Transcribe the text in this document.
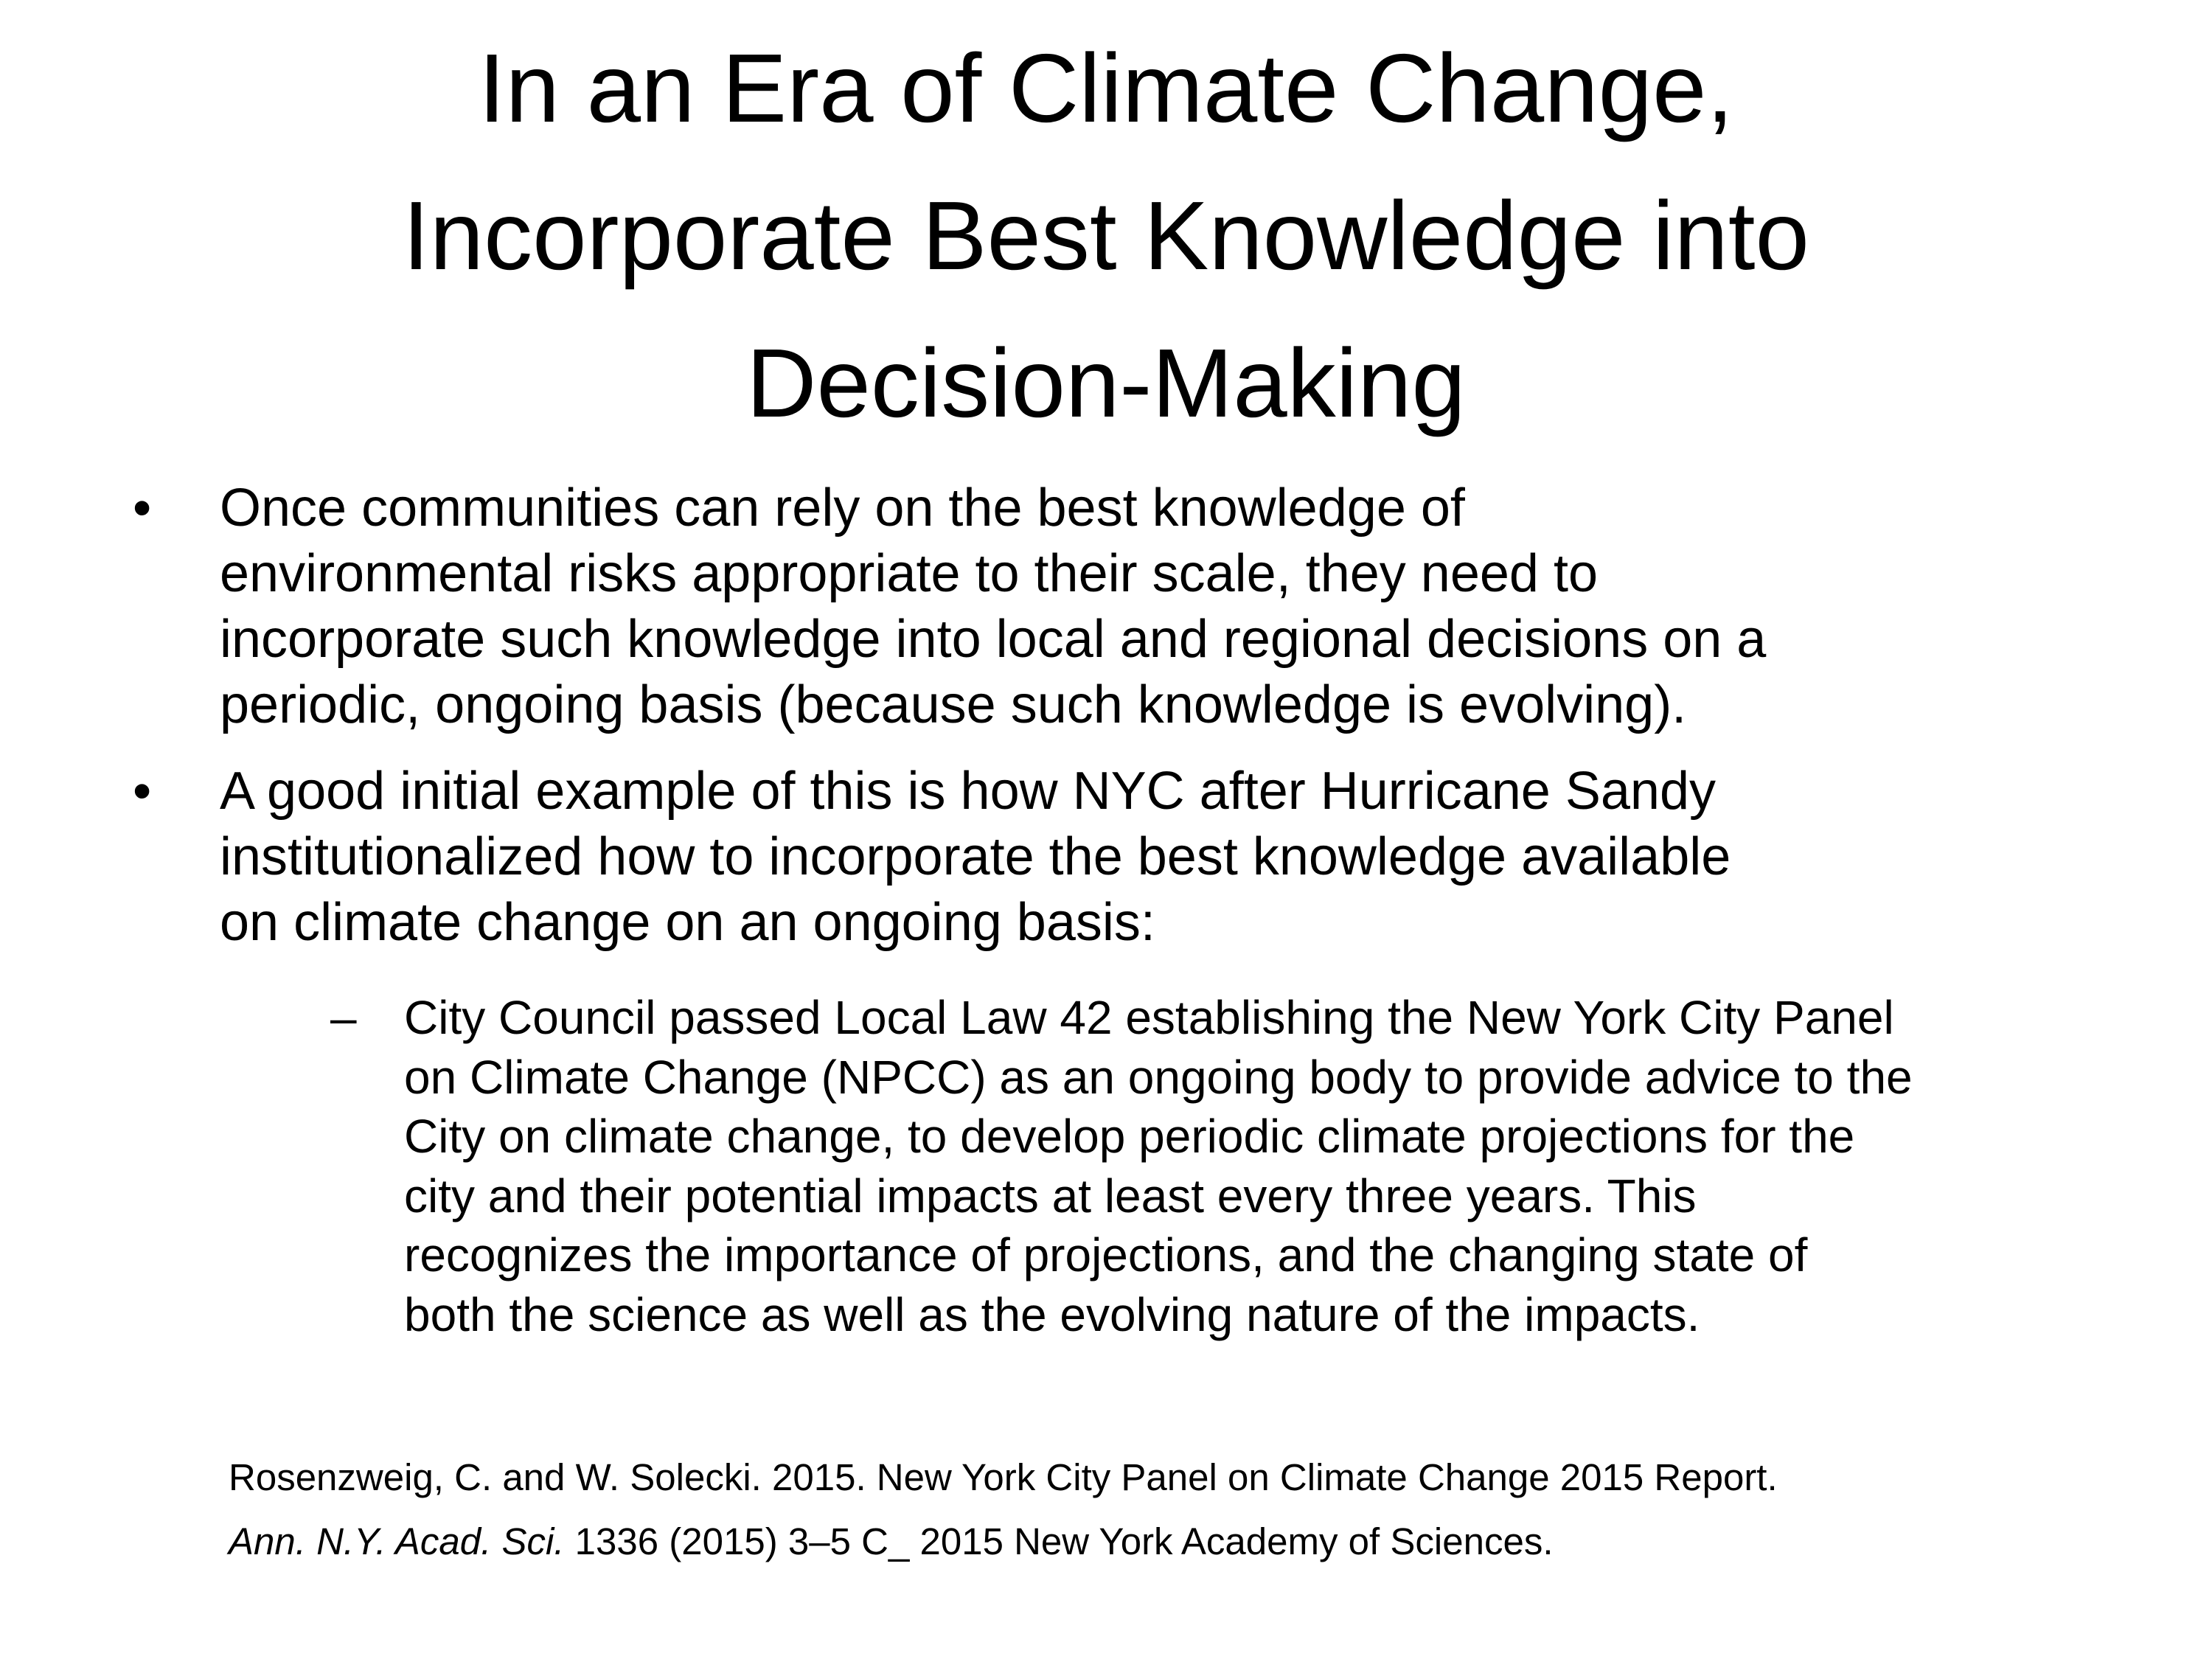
In an Era of Climate Change,
Incorporate Best Knowledge into
Decision-Making
•	Once communities can rely on the best knowledge of
environmental risks appropriate to their scale, they need to
incorporate such knowledge into local and regional decisions on a
periodic, ongoing basis (because such knowledge is evolving).
•	A good initial example of this is how NYC after Hurricane Sandy
institutionalized how to incorporate the best knowledge available
on climate change on an ongoing basis:
– City Council passed Local Law 42 establishing the New York City Panel
on Climate Change (NPCC) as an ongoing body to provide advice to the
City on climate change, to develop periodic climate projections for the
city and their potential impacts at least every three years. This
recognizes the importance of projections, and the changing state of
both the science as well as the evolving nature of the impacts.
Rosenzweig, C. and W. Solecki. 2015. New York City Panel on Climate Change 2015 Report.
Ann. N.Y. Acad. Sci. 1336 (2015) 3–5 C_ 2015 New York Academy of Sciences.
